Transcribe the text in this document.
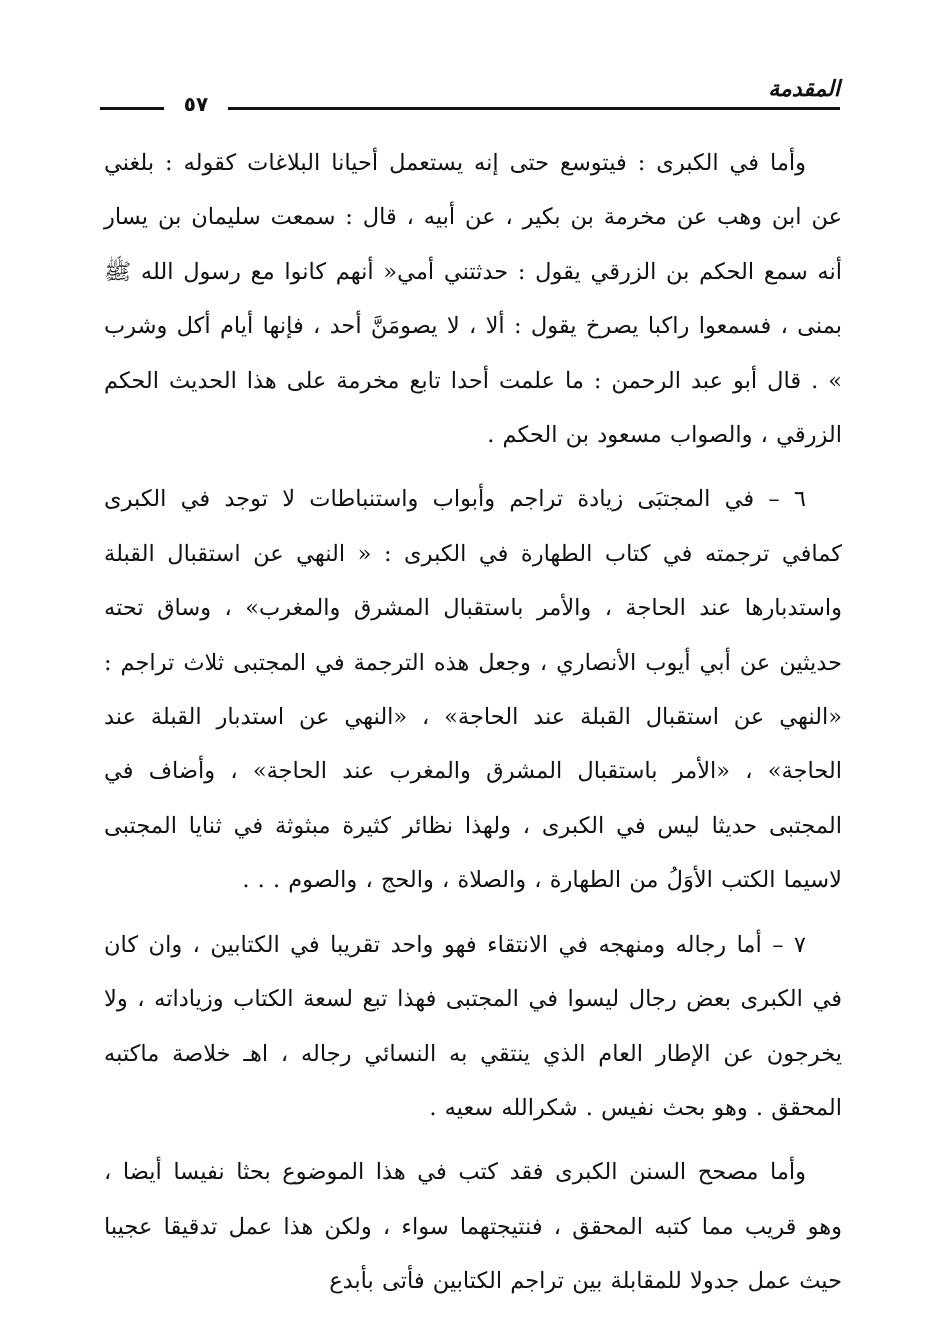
المقدمة
٥٧

وأما في الكبرى : فيتوسع حتى إنه يستعمل أحيانا البلاغات كقوله : بلغني عن ابن وهب عن مخرمة بن بكير ، عن أبيه ، قال : سمعت سليمان بن يسار أنه سمع الحكم بن الزرقي يقول : حدثتني أمي« أنهم كانوا مع رسول الله ﷺ بمنى ، فسمعوا راكبا يصرخ يقول : ألا ، لا يصومَنَّ أحد ، فإنها أيام أكل وشرب » . قال أبو عبد الرحمن : ما علمت أحدا تابع مخرمة على هذا الحديث الحكم الزرقي ، والصواب مسعود بن الحكم .

٦ – في المجتبَى زيادة تراجم وأبواب واستنباطات لا توجد في الكبرى كمافي ترجمته في كتاب الطهارة في الكبرى : « النهي عن استقبال القبلة واستدبارها عند الحاجة ، والأمر باستقبال المشرق والمغرب» ، وساق تحته حديثين عن أبي أيوب الأنصاري ، وجعل هذه الترجمة في المجتبى ثلاث تراجم : «النهي عن استقبال القبلة عند الحاجة» ، «النهي عن استدبار القبلة عند الحاجة» ، «الأمر باستقبال المشرق والمغرب عند الحاجة» ، وأضاف في المجتبى حديثا ليس في الكبرى ، ولهذا نظائر كثيرة مبثوثة في ثنايا المجتبى لاسيما الكتب الأوَلُ من الطهارة ، والصلاة ، والحج ، والصوم . . .

٧ – أما رجاله ومنهجه في الانتقاء فهو واحد تقريبا في الكتابين ، وان كان في الكبرى بعض رجال ليسوا في المجتبى فهذا تبع لسعة الكتاب وزياداته ، ولا يخرجون عن الإطار العام الذي ينتقي به النسائي رجاله ، اهـ خلاصة ماكتبه المحقق . وهو بحث نفيس . شكرالله سعيه .

وأما مصحح السنن الكبرى فقد كتب في هذا الموضوع بحثا نفيسا أيضا ، وهو قريب مما كتبه المحقق ، فنتيجتهما سواء ، ولكن هذا عمل تدقيقا عجيبا حيث عمل جدولا للمقابلة بين تراجم الكتابين فأتى بأبدع
